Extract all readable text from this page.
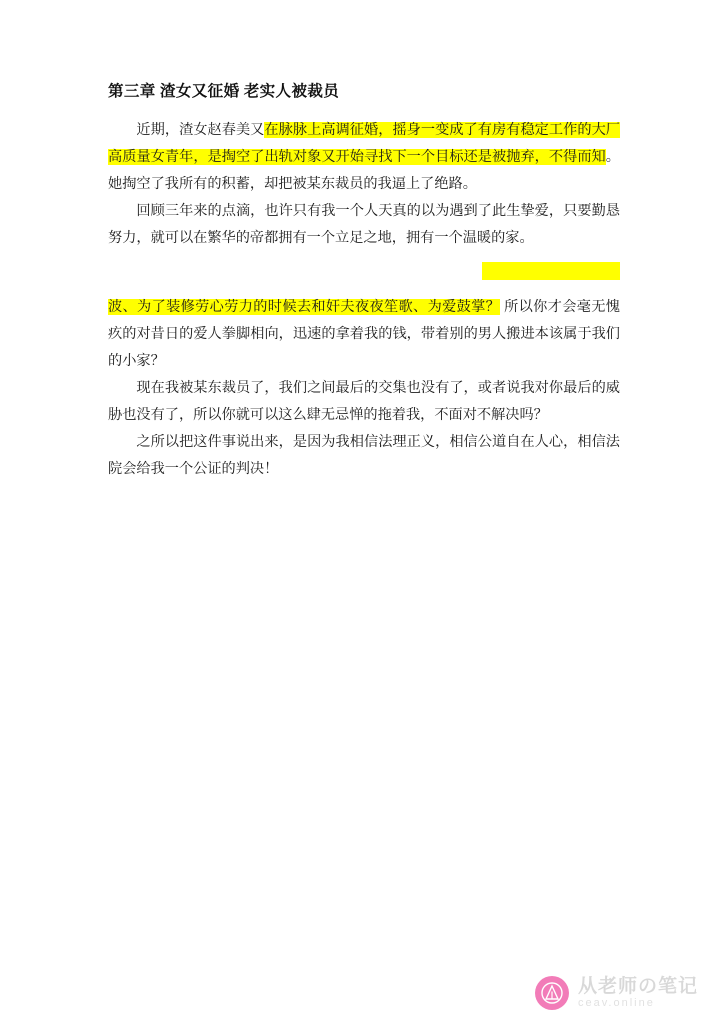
第三章 渣女又征婚 老实人被裁员

近期，渣女赵春美又在脉脉上高调征婚，摇身一变成了有房有稳定工作的大厂高质量女青年，是掏空了出轨对象又开始寻找下一个目标还是被抛弃，不得而知。她掏空了我所有的积蓄，却把被某东裁员的我逼上了绝路。

回顾三年来的点滴，也许只有我一个人天真的以为遇到了此生挚爱，只要勤恳努力，就可以在繁华的帝都拥有一个立足之地，拥有一个温暖的家。

波、为了装修劳心劳力的时候去和奸夫夜夜笙歌、为爱鼓掌？ 所以你才会毫无愧疚的对昔日的爱人拳脚相向，迅速的拿着我的钱，带着别的男人搬进本该属于我们的小家？

现在我被某东裁员了，我们之间最后的交集也没有了，或者说我对你最后的威胁也没有了，所以你就可以这么肆无忌惮的拖着我，不面对不解决吗？

之所以把这件事说出来，是因为我相信法理正义，相信公道自在人心，相信法院会给我一个公证的判决！

从老师の笔记
ceav.online
